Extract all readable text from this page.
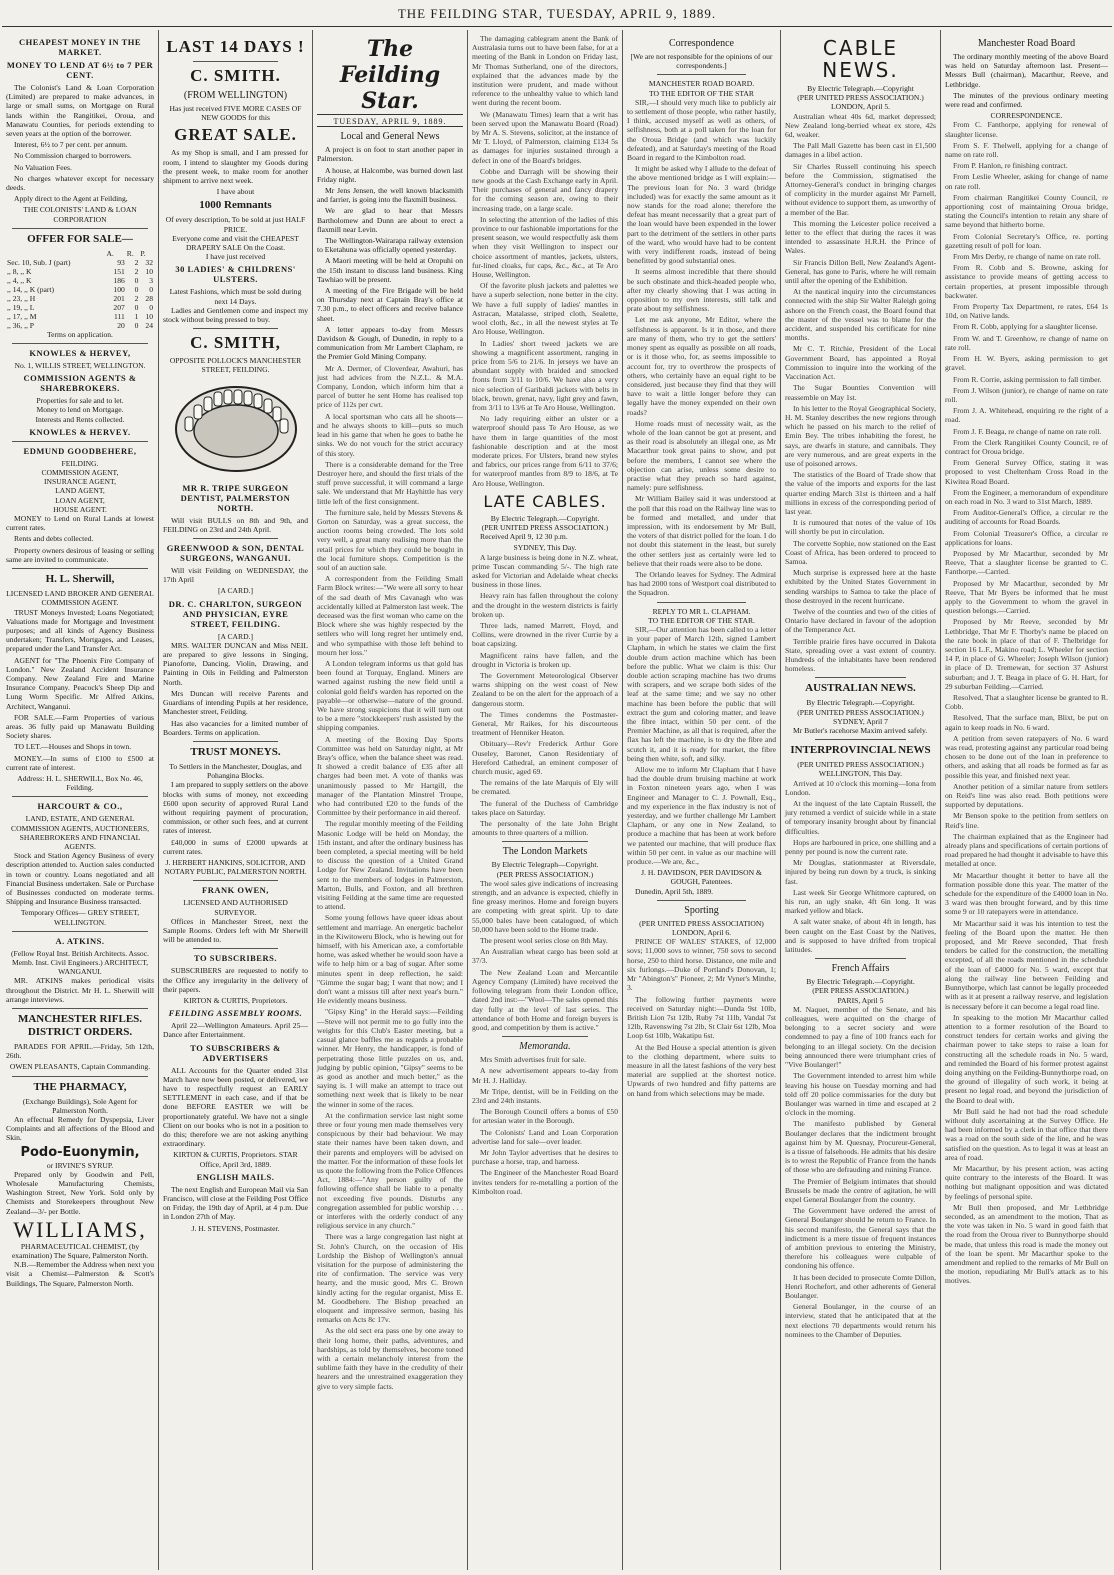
THE FEILDING STAR, TUESDAY, APRIL 9, 1889.
CHEAPEST MONEY IN THE MARKET.
MONEY TO LEND AT 6½ to 7 PER CENT.
The Colonist's Land & Loan Corporation (Limited) are prepared to make advances, in large or small sums, on Mortgage on Rural lands within the Rangitikei, Oroua, and Manawatu Counties, for periods extending to seven years at the option of the borrower.
Interest, 6½ to 7 per cent. per annum.
No Commission charged to borrowers.
No Valuation Fees.
No charges whatever except for necessary deeds.
Apply direct to the Agent at Feilding,
THE COLONISTS' LAND & LOAN CORPORATION
OFFER FOR SALE—
	A.	R.	P.
Sec. 10, Sub. J (part)	93	2	32
,, 8, ,, K	151	2	10
,, 4, ,, K	186	0	3
,, 14, ,, K (part)	100	0	0
,, 23, ,, H	201	2	28
,, 19, ,, L	207	0	0
,, 17, ,, M	111	1	10
,, 36, ,, P	20	0	24
Terms on application.
KNOWLES & HERVEY,
No. 1, WILLIS STREET, WELLINGTON.
COMMISSION AGENTS & SHAREBROKERS.
Properties for sale and to let.
Money to lend on Mortgage.
Interests and Rents collected.
KNOWLES & HERVEY.
EDMUND GOODBEHERE,
FEILDING.
COMMISSION AGENT,
INSURANCE AGENT,
LAND AGENT,
LOAN AGENT,
HOUSE AGENT.
MONEY to Lend on Rural Lands at lowest current rates.
Rents and debts collected.
Property owners desirous of leasing or selling same are invited to communicate.
H. L. Sherwill,
LICENSED LAND BROKER AND GENERAL COMMISSION AGENT.
TRUST Moneys Invested; Loans Negotiated; Valuations made for Mortgage and Investment purposes; and all kinds of Agency Business undertaken; Transfers, Mortgages, and Leases, prepared under the Land Transfer Act.
AGENT for "The Phoenix Fire Company of London." New Zealand Accident Insurance Company. New Zealand Fire and Marine Insurance Company. Peacock's Sheep Dip and Lung Worm Specific. Mr Alfred Atkins, Architect, Wanganui.
FOR SALE.—Farm Properties of various areas. 36 fully paid up Manawatu Building Society shares.
TO LET.—Houses and Shops in town.
MONEY.—In sums of £100 to £500 at current rate of interest.
Address: H. L. SHERWILL, Box No. 46, Feilding.
HARCOURT & CO.,
LAND, ESTATE, AND GENERAL COMMISSION AGENTS, AUCTIONEERS, SHAREBROKERS AND FINANCIAL AGENTS.
Stock and Station Agency Business of every description attended to. Auction sales conducted in town or country. Loans negotiated and all Financial Business undertaken. Sale or Purchase of Businesses conducted on moderate terms. Shipping and Insurance Business transacted.
Temporary Offices— GREY STREET, WELLINGTON.
A. ATKINS.
(Fellow Royal Inst. British Architects. Assoc. Memb. Inst. Civil Engineers.) ARCHITECT, WANGANUI.
MR. ATKINS makes periodical visits throughout the District. Mr H. L. Sherwill will arrange interviews.
MANCHESTER RIFLES. DISTRICT ORDERS.
PARADES FOR APRIL.—Friday, 5th 12th, 26th.
OWEN PLEASANTS, Captain Commanding.
THE PHARMACY,
(Exchange Buildings), Sole Agent for Palmerston North.
An effectual Remedy for Dyspepsia, Liver Complaints and all affections of the Blood and Skin.
Podo-Euonymin,
or IRVINE'S SYRUP.
Prepared only by Goodwin and Pell, Wholesale Manufacturing Chemists, Washington Street, New York. Sold only by Chemists and Storekeepers throughout New Zealand—3/- per Bottle.
WILLIAMS,
PHARMACEUTICAL CHEMIST, (by examination) The Square, Palmerston North.
N.B.—Remember the Address when next you visit a Chemist—Palmerston & Scott's Buildings, The Square, Palmerston North.
LAST 14 DAYS !
C. SMITH.
(FROM WELLINGTON)
Has just received FIVE MORE CASES OF NEW GOODS for this
GREAT SALE.
As my Shop is small, and I am pressed for room, I intend to slaughter my Goods during the present week, to make room for another shipment to arrive next week.
I have about
1000 Remnants
Of every description, To be sold at just HALF PRICE.
Everyone come and visit the CHEAPEST DRAPERY SALE On the Coast.
I have just received
30 LADIES' & CHILDRENS' ULSTERS.
Latest Fashions, which must be sold during next 14 Days.
Ladies and Gentlemen come and inspect my stock without being pressed to buy.
C. SMITH,
OPPOSITE POLLOCK'S MANCHESTER STREET, FEILDING.
MR R. TRIPE SURGEON DENTIST, PALMERSTON NORTH.
Will visit BULLS on 8th and 9th, and FEILDING on 23rd and 24th April.
GREENWOOD & SON, DENTAL SURGEONS, WANGANUI.
Will visit Feilding on WEDNESDAY, the 17th April
[A CARD.]
DR. C. CHARLTON, SURGEON AND PHYSICIAN, EYRE STREET, FEILDING.
[A CARD.]
MRS. WALTER DUNCAN and Miss NEIL are prepared to give lessons in Singing, Pianoforte, Dancing, Violin, Drawing, and Painting in Oils in Feilding and Palmerston North.
Mrs Duncan will receive Parents and Guardians of intending Pupils at her residence, Manchester street, Feilding.
Has also vacancies for a limited number of Boarders. Terms on application.
TRUST MONEYS.
To Settlers in the Manchester, Douglas, and Pohangina Blocks.
I am prepared to supply settlers on the above blocks with sums of money, not exceeding £600 upon security of approved Rural Land without requiring payment of procuration, commission, or other such fees, and at current rates of interest.
£40,000 in sums of £2000 upwards at current rates.
J. HERBERT HANKINS, SOLICITOR, AND NOTARY PUBLIC, PALMERSTON NORTH.
FRANK OWEN,
LICENSED AND AUTHORISED SURVEYOR.
Offices in Manchester Street, next the Sample Rooms. Orders left with Mr Sherwill will be attended to.
TO SUBSCRIBERS.
SUBSCRIBERS are requested to notify to the Office any irregularity in the delivery of their papers.
KIRTON & CURTIS, Proprietors.
FEILDING ASSEMBLY ROOMS.
April 22—Wellington Amateurs. April 25—Dance after Entertainment.
TO SUBSCRIBERS & ADVERTISERS
ALL Accounts for the Quarter ended 31st March have now been posted, or delivered, we have to respectfully request an EARLY SETTLEMENT in each case, and if that be done BEFORE EASTER we will be proportionately grateful. We have not a single Client on our books who is not in a position to do this; therefore we are not asking anything extraordinary.
KIRTON & CURTIS, Proprietors. STAR Office, April 3rd, 1889.
ENGLISH MAILS.
The next English and European Mail via San Francisco, will close at the Feilding Post Office on Friday, the 19th day of April, at 4 p.m. Due in London 27th of May.
J. H. STEVENS, Postmaster.
The Feilding Star.
TUESDAY, APRIL 9, 1889.
Local and General News
A project is on foot to start another paper in Palmerston.
A house, at Halcombe, was burned down last Friday night.
Mr Jens Jensen, the well known blacksmith and farrier, is going into the flaxmill business.
We are glad to hear that Messrs Bartholomew and Dunn are about to erect a flaxmill near Levin.
The Wellington-Wairarapa railway extension to Eketahuna was officially opened yesterday.
A Maori meeting will be held at Oropuhi on the 15th instant to discuss land business. King Tawhiao will be present.
A meeting of the Fire Brigade will be held on Thursday next at Captain Bray's office at 7.30 p.m., to elect officers and receive balance sheet.
A letter appears to-day from Messrs Davidson & Gough, of Dunedin, in reply to a communication from Mr Lambert Clapham, re the Premier Gold Mining Company.
Mr A. Dermer, of Cloverdear, Awahuri, has just had advices from the N.Z.L. & M.A. Company, London, which inform him that a parcel of butter he sent Home has realised top price of 112s per cwt.
A local sportsman who cats all he shoots—and he always shoots to kill—puts so much lead in his game that when he goes to bathe he sinks. We do not vouch for the strict accuracy of this story.
There is a considerable demand for the Tree Destroyer here, and should the first trials of the stuff prove successful, it will command a large sale. We understand that Mr Hayhittle has very little left of the first consignment.
The furniture sale, held by Messrs Stevens & Gorton on Saturday, was a great success, the auction rooms being crowded. The lots sold very well, a great many realising more than the retail prices for which they could be bought in the local furniture shops. Competition is the soul of an auction sale.
A correspondent from the Feilding Small Farm Block writes:—"We were all sorry to hear of the sad death of Mrs Cavanagh who was accidentally killed at Palmerston last week. The deceased was the first woman who came on the Block where she was highly respected by the settlers who will long regret her untimely end, and who sympathise with those left behind to mourn her loss."
A London telegram informs us that gold has been found at Torquay, England. Miners are warned against rushing the new field until a colonial gold field's warden has reported on the payable—or otherwise—nature of the ground. We have strong suspicions that it will turn out to be a mere "stockkeepers' rush assisted by the shipping companies.
A meeting of the Boxing Day Sports Committee was held on Saturday night, at Mr Bray's office, when the balance sheet was read. It showed a credit balance of £35 after all charges had been met. A vote of thanks was unanimously passed to Mr Hartgill, the manager of the Plantation Minstrel Troupe, who had contributed £20 to the funds of the Committee by their performance in aid thereof.
The regular monthly meeting of the Feilding Masonic Lodge will be held on Monday, the 15th instant, and after the ordinary business has been completed, a special meeting will be held to discuss the question of a United Grand Lodge for New Zealand. Invitations have been sent to the members of lodges in Palmerston, Marton, Bulls, and Foxton, and all brethren visiting Feilding at the same time are requested to attend.
Some young fellows have queer ideas about settlement and marriage. An energetic bachelor in the Kiwitoweru Block, who is hewing out for himself, with his American axe, a comfortable home, was asked whether he would soon have a wife to help him or a bag of sugar. After some minutes spent in deep reflection, he said: "Gimme the sugar bag; I want that now; and I don't want a missus till after next year's burn." He evidently means business.
"Gipsy King" in the Herald says:—Feilding—Steve will not permit me to go fully into the weights for this Club's Easter meeting, but a casual glance baffles me as regards a probable winner. Mr Henry, the handicapper, is fond of perpetrating those little puzzles on us, and, judging by public opinion, "Gipsy" seems to be as good as another and much better," as the saying is. I will make an attempt to trace out something next week that is likely to be near the winner in some of the races.
At the confirmation service last night some three or four young men made themselves very conspicuous by their bad behaviour. We may state their names have been taken down, and their parents and employers will be advised on the matter. For the information of these fools let us quote the following from the Police Offences Act, 1884:—"Any person guilty of the following offence shall be liable to a penalty not exceeding five pounds. Disturbs any congregation assembled for public worship . . . or interferes with the orderly conduct of any religious service in any church."
There was a large congregation last night at St. John's Church, on the occasion of His Lordship the Bishop of Wellington's annual visitation for the purpose of administering the rite of confirmation. The service was very hearty, and the music good, Mrs C. Brown kindly acting for the regular organist, Miss E. M. Goodbehere. The Bishop preached an eloquent and impressive sermon, basing his remarks on Acts 8c 17v.
As the old sect era pass one by one away to their long home, their paths, adventures, and hardships, as told by themselves, become toned with a certain melancholy interest from the sublime faith they have in the credulity of their hearers and the unrestrained exaggeration they give to very simple facts.
The damaging cablegram anent the Bank of Australasia turns out to have been false, for at a meeting of the Bank in London on Friday last, Mr Thomas Sutherland, one of the directors, explained that the advances made by the institution were prudent, and made without reference to the unhealthy value to which land went during the recent boom.
We (Manawatu Times) learn that a writ has been served upon the Manawatu Board (Road) by Mr A. S. Stevens, solicitor, at the instance of Mr T. Lloyd, of Palmerston, claiming £134 5s as damages for injuries sustained through a defect in one of the Board's bridges.
Cobbe and Darragh will be showing their new goods at the Cash Exchange early in April. Their purchases of general and fancy drapery for the coming season are, owing to their increasing trade, on a large scale.
In selecting the attention of the ladies of this province to our fashionable importations for the present season, we would respectfully ask them when they visit Wellington to inspect our choice assortment of mantles, jackets, ulsters, fur-lined cloaks, fur caps, &c., &c., at Te Aro House, Wellington.
Of the favorite plush jackets and palettes we have a superb selection, none better in the city. We have a full supply of ladies' mantles in Astracan, Matalasse, striped cloth, Sealette, wool cloth, &c., in all the newest styles at Te Aro House, Wellington.
In Ladies' short tweed jackets we are showing a magnificent assortment, ranging in price from 5/6 to 21/6. In jerseys we have an abundant supply with braided and smocked fronts from 3/11 to 10/6. We have also a very nice selection of Garibaldi jackets with belts in black, brown, grenat, navy, light grey and fawn, from 3/11 to 13/6 at Te Aro House, Wellington.
No lady requiring either an ulster or a waterproof should pass Te Aro House, as we have them in large quantities of the most fashionable description and at the most moderate prices. For Ulsters, brand new styles and fabrics, our prices range from 6/11 to 37/6; for waterproof mantles from 8/9 to 18/6, at Te Aro House, Wellington.
LATE CABLES.
By Electric Telegraph.—Copyright.
(PER UNITED PRESS ASSOCIATION.)
Received April 9, 12 30 p.m.
SYDNEY, This Day.
A large business is being done in N.Z. wheat, prime Tuscan commanding 5/-. The high rate asked for Victorian and Adelaide wheat checks business in those lines.
Heavy rain has fallen throughout the colony and the drought in the western districts is fairly broken up.
Three lads, named Marrett, Floyd, and Collins, were drowned in the river Currie by a boat capsizing.
Magnificent rains have fallen, and the drought in Victoria is broken up.
The Government Meteorological Observer warns shipping on the west coast of New Zealand to be on the alert for the approach of a dangerous storm.
The Times condemns the Postmaster-General, Mr Raikes, for his discourteous treatment of Henniker Heaton.
Obituary—Rev'r Frederick Arthur Gore Ouseley, Baronet, Canon Residentiary of Hereford Cathedral, an eminent composer of church music, aged 69.
The remains of the late Marquis of Ely will be cremated.
The funeral of the Duchess of Cambridge takes place on Saturday.
The personalty of the late John Bright amounts to three quarters of a million.
The London Markets
By Electric Telegraph—Copyright.
(PER PRESS ASSOCIATION.)
The wool sales give indications of increasing strength, and an advance is expected, chiefly in fine greasy merinos. Home and foreign buyers are competing with great spirit. Up to date 55,000 bales have been catalogued, of which 50,000 have been sold to the Home trade.
The present wool series close on 8th May.
An Australian wheat cargo has been sold at 37/3.
The New Zealand Loan and Mercantile Agency Company (Limited) have received the following telegram from their London office, dated 2nd inst:—"Wool—The sales opened this day fully at the level of last series. The attendance of both Home and foreign buyers is good, and competition by them is active."
Memoranda.
Mrs Smith advertises fruit for sale.
A new advertisement appears to-day from Mr H. J. Halliday.
Mr Tripe, dentist, will be in Feilding on the 23rd and 24th instants.
The Borough Council offers a bonus of £50 for artesian water in the Borough.
The Colonists' Land and Loan Corporation advertise land for sale—over leader.
Mr John Taylor advertises that he desires to purchase a horse, trap, and harness.
The Engineer of the Manchester Road Board invites tenders for re-metalling a portion of the Kimbolton road.
Correspondence
[We are not responsible for the opinions of our correspondents.]
MANCHESTER ROAD BOARD.
TO THE EDITOR OF THE STAR
SIR,—I should very much like to publicly air to settlement of those people, who rather hastily, I think, accused myself as well as others, of selfishness, both at a poll taken for the loan for the Oroua Bridge (and which was luckily defeated), and at Saturday's meeting of the Road Board in regard to the Kimbolton road.
It might be asked why I allude to the defeat of the above mentioned bridge as I will explain:—The previous loan for No. 3 ward (bridge included) was for exactly the same amount as it now stands for the road alone; therefore the defeat has meant necessarily that a great part of the loan would have been expended in the lower part to the detriment of the settlers in other parts of the ward, who would have had to be content with very indifferent roads, instead of being benefitted by good substantial ones.
It seems almost incredible that there should be such obstinate and thick-headed people who, after my clearly showing that I was acting in opposition to my own interests, still talk and prate about my selfishness.
Let me ask anyone, Mr Editor, where the selfishness is apparent. Is it in those, and there are many of them, who try to get the settlers' money spent as equally as possible on all roads, or is it those who, for, as seems impossible to account for, try to overthrow the prospects of others, who certainly have an equal right to be considered, just because they find that they will have to wait a little longer before they can legally have the money expended on their own roads?
Home roads must of necessity wait, as the whole of the loan cannot be got at present, and as their road is absolutely an illegal one, as Mr Macarthur took great pains to show, and put before the members, I cannot see where the objection can arise, unless some desire to practise what they preach so hard against, namely: pure selfishness.
Mr William Bailey said it was understood at the poll that this road on the Railway line was to be formed and metalled, and under that impression, with its endorsement by Mr Bull, the voters of that district polled for the loan. I do not doubt this statement in the least, but surely the other settlers just as certainly were led to believe that their roads were also to be done.
The Orlando leaves for Sydney. The Admiral has had 2000 tons of Westport coal distributed to the Squadron.
REPLY TO MR L. CLAPHAM.
TO THE EDITOR OF THE STAR.
SIR,—Our attention has been called to a letter in your paper of March 12th, signed Lambert Clapham, in which he states we claim the first double drum action machine which has been before the public. What we claim is this: Our double action scraping machine has two drums with scrapers, and we scrape both sides of the leaf at the same time; and we say no other machine has been before the public that will extract the gum and coloring matter, and leave the fibre intact, within 50 per cent. of the Premier Machine, as all that is required, after the flax has left the machine, is to dry the fibre and scutch it, and it is ready for market, the fibre being then white, soft, and silky.
Allow me to inform Mr Clapham that I have had the double drum bruising machine at work in Foxton nineteen years ago, when I was Engineer and Manager to C. J. Pownall, Esq., and my experience in the flax industry is not of yesterday, and we further challenge Mr Lambert Clapham, or any one in New Zealand, to produce a machine that has been at work before we patented our machine, that will produce flax within 50 per cent. in value as our machine will produce.—We are, &c.,
J. H. DAVIDSON, PER DAVIDSON & GOUGH, Patentees.
Dunedin, April 5th, 1889.
Sporting
(PER UNITED PRESS ASSOCIATION)
LONDON, April 6.
PRINCE OF WALES' STAKES, of 12,000 sovs; 11,000 sovs to winner, 750 sovs to second horse, 250 to third horse. Distance, one mile and six furlongs.—Duke of Portland's Donovan, 1; Mr "Abington's" Pioneer, 2; Mr Vyner's Minthe, 3.
The following further payments were received on Saturday night:—Dunda 9st 10lb, British Lion 7st 12lb, Ruby 7st 11lb, Vandal 7st 12lb, Ravenswing 7st 2lb, St Clair 6st 12lb, Moa Loop 6st 10lb, Wakatipu 6st.
At the Bed House a special attention is given to the clothing department, where suits to measure in all the latest fashions of the very best material are supplied at the shortest notice. Upwards of two hundred and fifty patterns are on hand from which selections may be made.
CABLE NEWS.
By Electric Telegraph.—Copyright
(PER UNITED PRESS ASSOCIATION.)
LONDON, April 5.
Australian wheat 40s 6d, market depressed; New Zealand long-berried wheat ex store, 42s 6d, weaker.
The Pall Mall Gazette has been cast in £1,500 damages in a libel action.
Sir Charles Russell continuing his speech before the Commission, stigmatised the Attorney-General's conduct in bringing charges of complicity in the murder against Mr Parnell, without evidence to support them, as unworthy of a member of the Bar.
This morning the Leicester police received a letter to the effect that during the races it was intended to assassinate H.R.H. the Prince of Wales.
Sir Francis Dillon Bell, New Zealand's Agent-General, has gone to Paris, where he will remain until after the opening of the Exhibition.
At the nautical inquiry into the circumstances connected with the ship Sir Walter Raleigh going ashore on the French coast, the Board found that the master of the vessel was to blame for the accident, and suspended his certificate for nine months.
Mr C. T. Ritchie, President of the Local Government Board, has appointed a Royal Commission to inquire into the working of the Vaccination Act.
The Sugar Bounties Convention will reassemble on May 1st.
In his letter to the Royal Geographical Society, H. M. Stanley describes the new regions through which he passed on his march to the relief of Emin Bey. The tribes inhabiting the forest, he says, are dwarfs in stature, and cannibals. They are very numerous, and are great experts in the use of poisoned arrows.
The statistics of the Board of Trade show that the value of the imports and exports for the last quarter ending March 31st is thirteen and a half millions in excess of the corresponding period of last year.
It is rumoured that notes of the value of 10s will shortly be put in circulation.
The corvette Sophie, now stationed on the East Coast of Africa, has been ordered to proceed to Samoa.
Much surprise is expressed here at the haste exhibited by the United States Government in sending warships to Samoa to take the place of those destroyed in the recent hurricane.
Twelve of the counties and two of the cities of Ontario have declared in favour of the adoption of the Temperance Act.
Terrible prairie fires have occurred in Dakota State, spreading over a vast extent of country. Hundreds of the inhabitants have been rendered homeless.
AUSTRALIAN NEWS.
By Electric Telegraph.—Copyright.
(PER UNITED PRESS ASSOCIATION.)
SYDNEY, April 7
Mr Butler's racehorse Maxim arrived safely.
INTERPROVINCIAL NEWS
(PER UNITED PRESS ASSOCIATION.)
WELLINGTON, This Day.
Arrived at 10 o'clock this morning—Iona from London.
At the inquest of the late Captain Russell, the jury returned a verdict of suicide while in a state of temporary insanity brought about by financial difficulties.
Hops are harboured in price, one shilling and a penny per pound is now the current rate.
Mr Douglas, stationmaster at Riversdale, injured by being run down by a truck, is sinking fast.
Last week Sir George Whitmore captured, on his run, an ugly snake, 4ft 6in long. It was marked yellow and black.
A salt water snake, of about 4ft in length, has been caught on the East Coast by the Natives, and is supposed to have drifted from tropical latitudes.
French Affairs
By Electric Telegraph.—Copyright.
(PER PRESS ASSOCIATION.)
PARIS, April 5
M. Naquet, member of the Senate, and his colleagues, were acquitted on the charge of belonging to a secret society and were condemned to pay a fine of 100 francs each for belonging to an illegal society. On the decision being announced there were triumphant cries of "Vive Boulanger!"
The Government intended to arrest him while leaving his house on Tuesday morning and had told off 20 police commissaries for the duty but Boulanger was warned in time and escaped at 2 o'clock in the morning.
The manifesto published by General Boulanger declares that the indictment brought against him by M. Quesnay, Procureur-General, is a tissue of falsehoods. He admits that his desire is to wrest the Republic of France from the hands of those who are defrauding and ruining France.
The Premier of Belgium intimates that should Brussels be made the centre of agitation, he will expel General Boulanger from the country.
The Government have ordered the arrest of General Boulanger should he return to France. In his second manifesto, the General says that the indictment is a mere tissue of frequent instances of ambition previous to entering the Ministry, therefore his colleagues were culpable of condoning his offence.
It has been decided to prosecute Comte Dillon, Henri Rochefort, and other adherents of General Boulanger.
General Boulanger, in the course of an interview, stated that he anticipated that at the next elections 70 departments would return his nominees to the Chamber of Deputies.
Manchester Road Board
The ordinary monthly meeting of the above Board was held on Saturday afternoon last. Present—Messrs Bull (chairman), Macarthur, Reeve, and Lethbridge.
The minutes of the previous ordinary meeting were read and confirmed.
CORRESPONDENCE.
From C. Fanthorpe, applying for renewal of slaughter license.
From S. F. Thelwell, applying for a change of name on rate roll.
From P. Hanlon, re finishing contract.
From Leslie Wheeler, asking for change of name on rate roll.
From chairman Rangitikei County Council, re apportioning cost of maintaining Oroua bridge, stating the Council's intention to retain any share of same beyond that hitherto borne.
From Colonial Secretary's Office, re. porting gazetting result of poll for loan.
From Mrs Derby, re change of name on rate roll.
From R. Cobb and S. Browne, asking for assistance to provide means of getting access to certain properties, at present impossible through backwater.
From Property Tax Department, re rates, £64 1s 10d, on Native lands.
From R. Cobb, applying for a slaughter license.
From W. and T. Greenhow, re change of name on rate roll.
From H. W. Byers, asking permission to get gravel.
From R. Corrie, asking permission to fall timber.
From J. Wilson (junior), re change of name on rate roll.
From J. A. Whitehead, enquiring re the right of a road.
From J. F. Beaga, re change of name on rate roll.
From the Clerk Rangitikei County Council, re of contract for Oroua bridge.
From General Survey Office, stating it was proposed to vest Cheltenham Cross Road in the Kiwitea Road Board.
From the Engineer, a memorandum of expenditure on each road in No. 3 ward to 31st March, 1889.
From Auditor-General's Office, a circular re the auditing of accounts for Road Boards.
From Colonial Treasurer's Office, a circular re applications for loans.
Proposed by Mr Macarthur, seconded by Mr Reeve, That a slaughter license be granted to C. Fanthorpe.—Carried.
Proposed by Mr Macarthur, seconded by Mr Reeve, That Mr Byers be informed that he must apply to the Government to whom the gravel in question belongs.—Carried.
Proposed by Mr Reeve, seconded by Mr Lethbridge, That Mr F. Thorby's name be placed on the rate book in place of that of F. Thelbridge for section 16 L.F., Makino road; L. Wheeler for section 14 P, in place of G. Wheeler; Joseph Wilson (junior) in place of D. Tremewan, for section 37 Ashurst suburban; and J. T. Beaga in place of G. H. Hart, for 29 suburban Feilding.—Carried.
Resolved, That a slaughter license be granted to R. Cobb.
Resolved, That the surface man, Blixt, be put on again to keep roads in No. 6 ward.
A petition from seven ratepayers of No. 6 ward was read, protesting against any particular road being chosen to be done out of the loan in preference to others, and asking that all roads be formed as far as possible this year, and finished next year.
Another petition of a similar nature from settlers on Reid's line was also read. Both petitions were supported by deputations.
Mr Benson spoke to the petition from settlers on Reid's line.
The chairman explained that as the Engineer had already plans and specifications of certain portions of road prepared he had thought it advisable to have this metalled at once.
Mr Macarthur thought it better to have all the formation possible done this year. The matter of the schedule for the expenditure of the £4000 loan in No. 3 ward was then brought forward, and by this time some 9 or 10 ratepayers were in attendance.
Mr Macarthur said it was his intention to test the feeling of the Board upon the matter. He then proposed, and Mr Reeve seconded, That fresh tenders be called for the construction, the metalling excepted, of all the roads mentioned in the schedule of the loan of £4000 for No. 5 ward, except that along the railway line between Feilding and Bunnythorpe, which last cannot be legally proceeded with as it at present a railway reserve, and legislation is necessary before it can become a legal road line.
In speaking to the motion Mr Macarthur called attention to a former resolution of the Board to construct tenders for certain works and giving the chairman power to take steps to raise a loan for constructing all the schedule roads in No. 5 ward, and reminded the Board of his former protest against doing anything on the Feilding-Bunnythorpe road, on the ground of illegality of such work, it being at present no legal road, and beyond the jurisdiction of the Board to deal with.
Mr Bull said he had not had the road schedule without duly ascertaining at the Survey Office. He had been informed by a clerk in that office that there was a road on the south side of the line, and he was satisfied on the question. As to legal it was at least an area of road.
Mr Macarthur, by his present action, was acting quite contrary to the interests of the Board. It was nothing but malignant opposition and was dictated by feelings of personal spite.
Mr Bull then proposed, and Mr Lethbridge seconded, as an amendment to the motion, That as the vote was taken in No. 5 ward in good faith that the road from the Oroua river to Bunnythorpe should be made, that unless this road is made the money out of the loan be spent. Mr Macarthur spoke to the amendment and replied to the remarks of Mr Bull on the motion, repudiating Mr Bull's attack as to his motives.
